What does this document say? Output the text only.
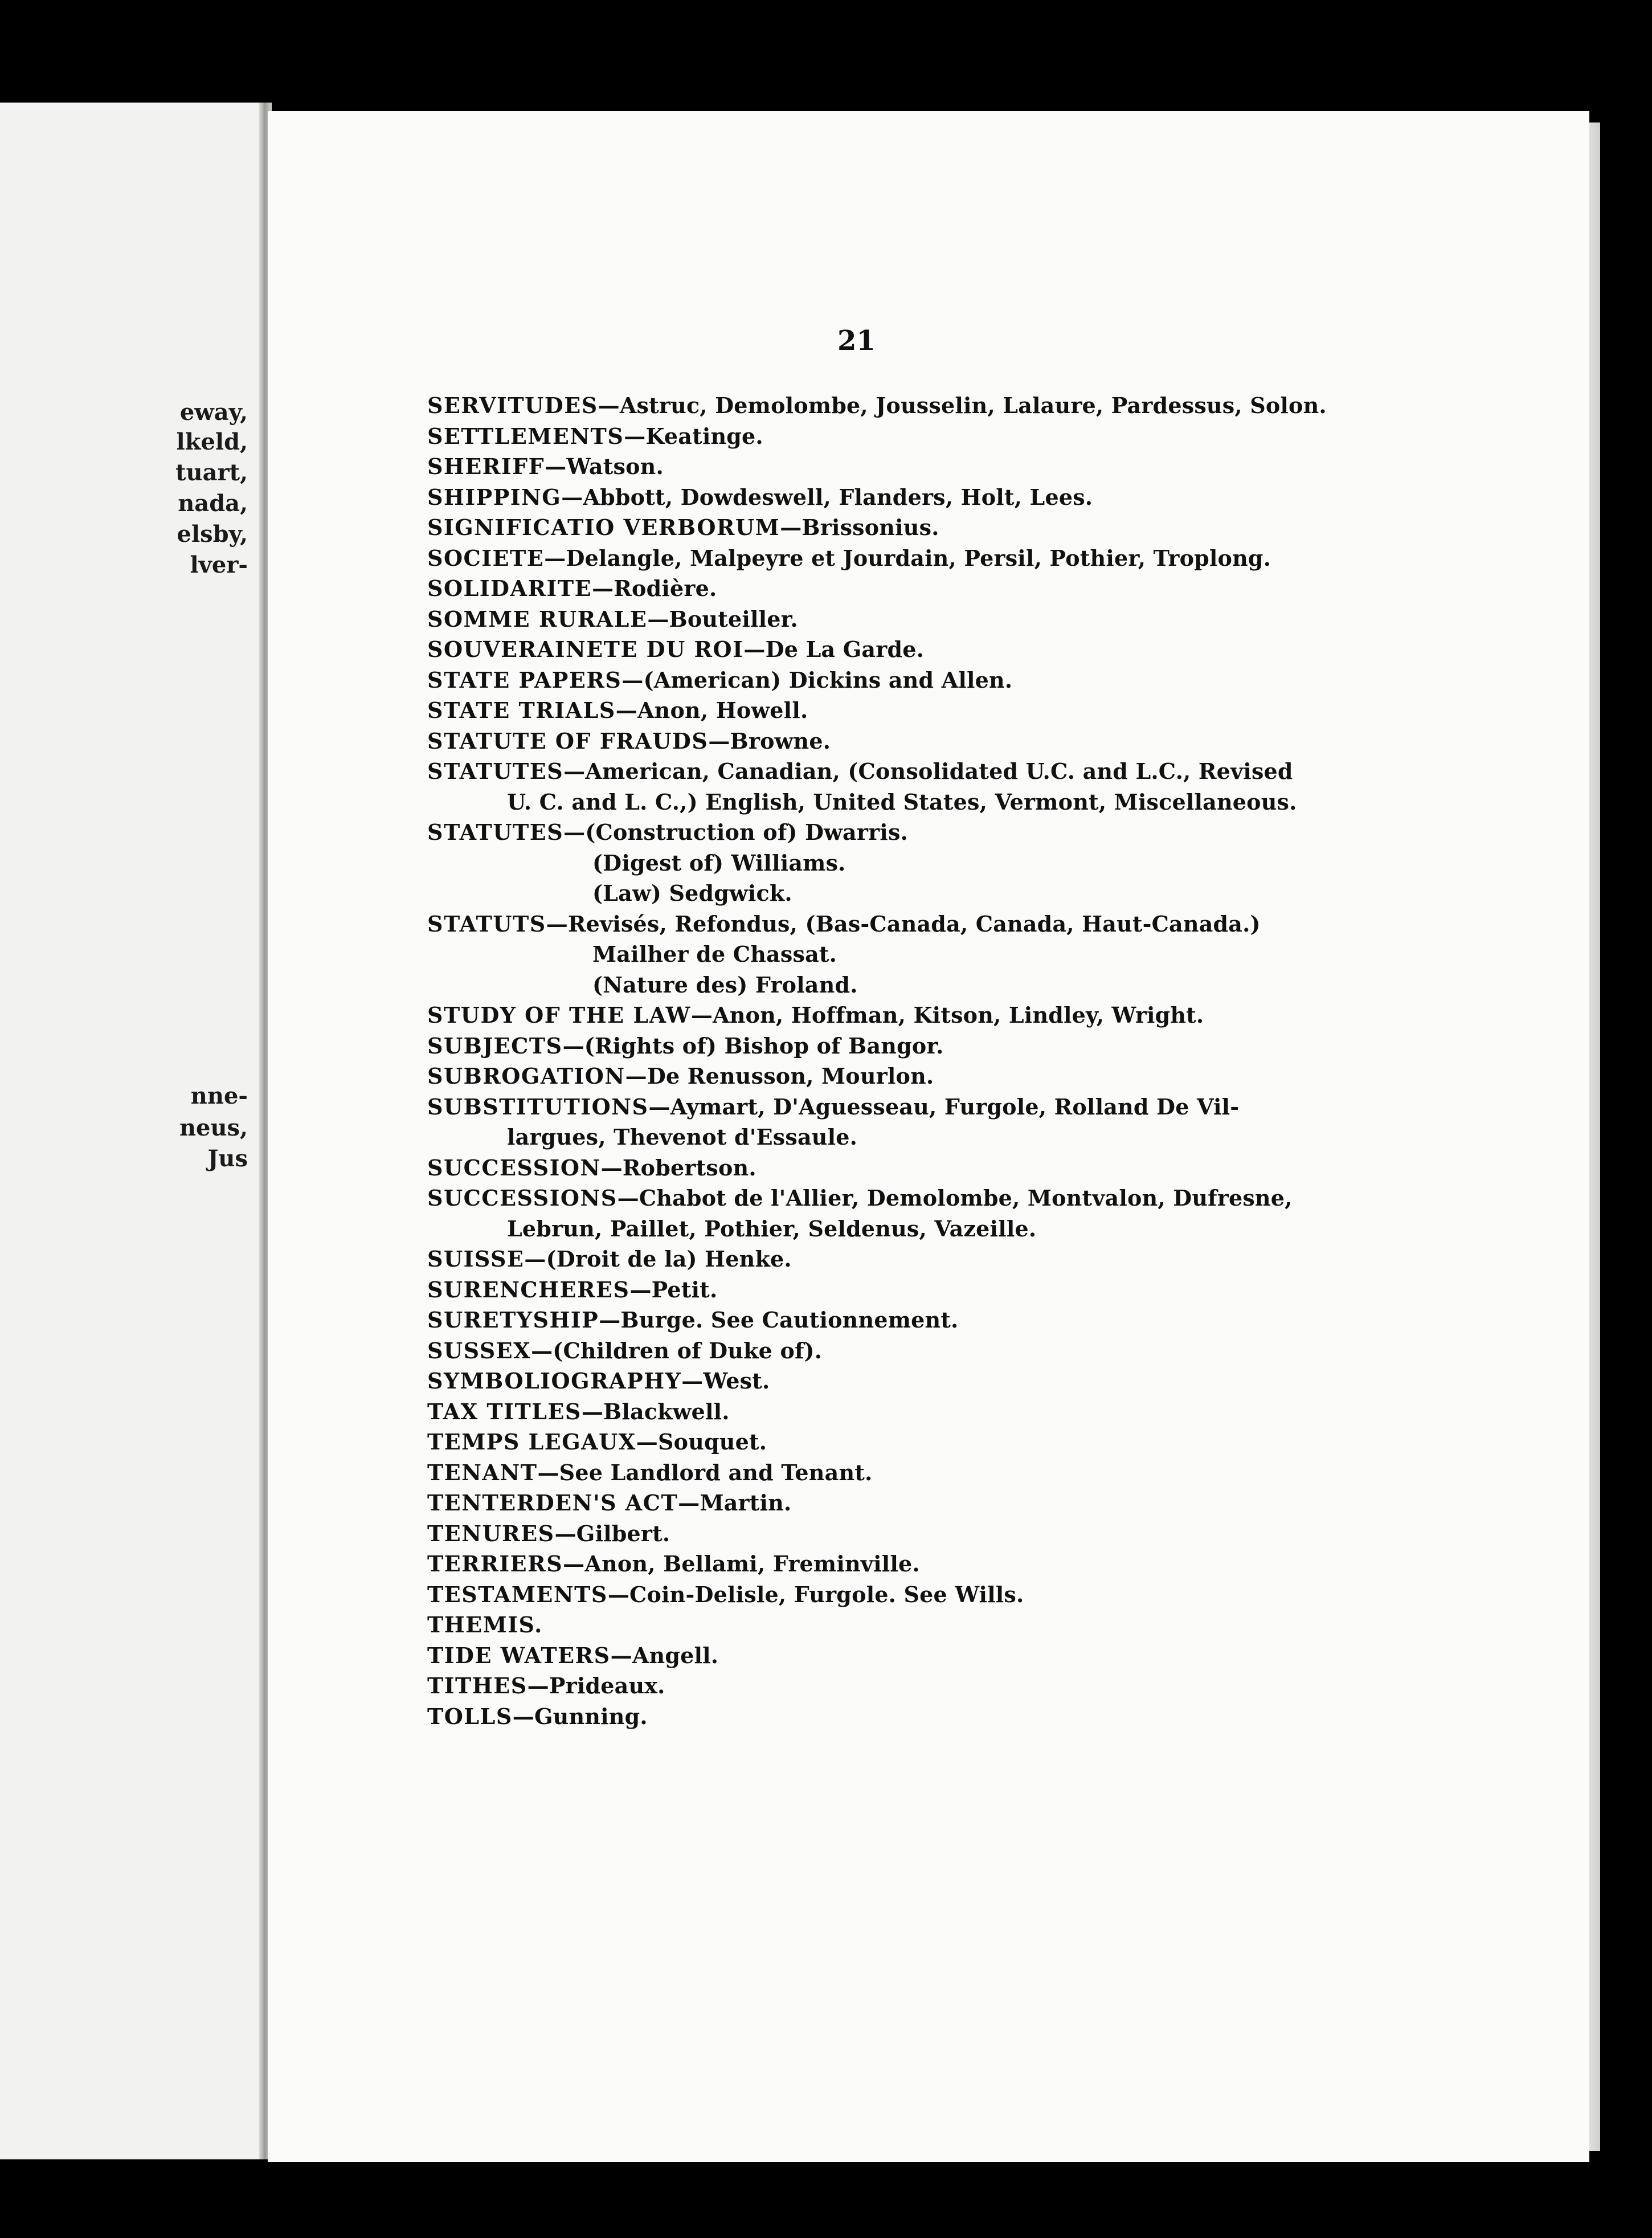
eway,
lkeld,
tuart,
nada,
elsby,
lver-
nne-
neus,
Jus
21
SERVITUDES—Astruc, Demolombe, Jousselin, Lalaure, Pardessus, Solon.
SETTLEMENTS—Keatinge.
SHERIFF—Watson.
SHIPPING—Abbott, Dowdeswell, Flanders, Holt, Lees.
SIGNIFICATIO VERBORUM—Brissonius.
SOCIETE—Delangle, Malpeyre et Jourdain, Persil, Pothier, Troplong.
SOLIDARITE—Rodière.
SOMME RURALE—Bouteiller.
SOUVERAINETE DU ROI—De La Garde.
STATE PAPERS—(American) Dickins and Allen.
STATE TRIALS—Anon, Howell.
STATUTE OF FRAUDS—Browne.
STATUTES—American, Canadian, (Consolidated U.C. and L.C., Revised
U. C. and L. C.,) English, United States, Vermont, Miscellaneous.
STATUTES—(Construction of) Dwarris.
(Digest of) Williams.
(Law) Sedgwick.
STATUTS—Revisés, Refondus, (Bas-Canada, Canada, Haut-Canada.)
Mailher de Chassat.
(Nature des) Froland.
STUDY OF THE LAW—Anon, Hoffman, Kitson, Lindley, Wright.
SUBJECTS—(Rights of) Bishop of Bangor.
SUBROGATION—De Renusson, Mourlon.
SUBSTITUTIONS—Aymart, D'Aguesseau, Furgole, Rolland De Vil-
largues, Thevenot d'Essaule.
SUCCESSION—Robertson.
SUCCESSIONS—Chabot de l'Allier, Demolombe, Montvalon, Dufresne,
Lebrun, Paillet, Pothier, Seldenus, Vazeille.
SUISSE—(Droit de la) Henke.
SURENCHERES—Petit.
SURETYSHIP—Burge. See Cautionnement.
SUSSEX—(Children of Duke of).
SYMBOLIOGRAPHY—West.
TAX TITLES—Blackwell.
TEMPS LEGAUX—Souquet.
TENANT—See Landlord and Tenant.
TENTERDEN'S ACT—Martin.
TENURES—Gilbert.
TERRIERS—Anon, Bellami, Freminville.
TESTAMENTS—Coin-Delisle, Furgole. See Wills.
THEMIS.
TIDE WATERS—Angell.
TITHES—Prideaux.
TOLLS—Gunning.
